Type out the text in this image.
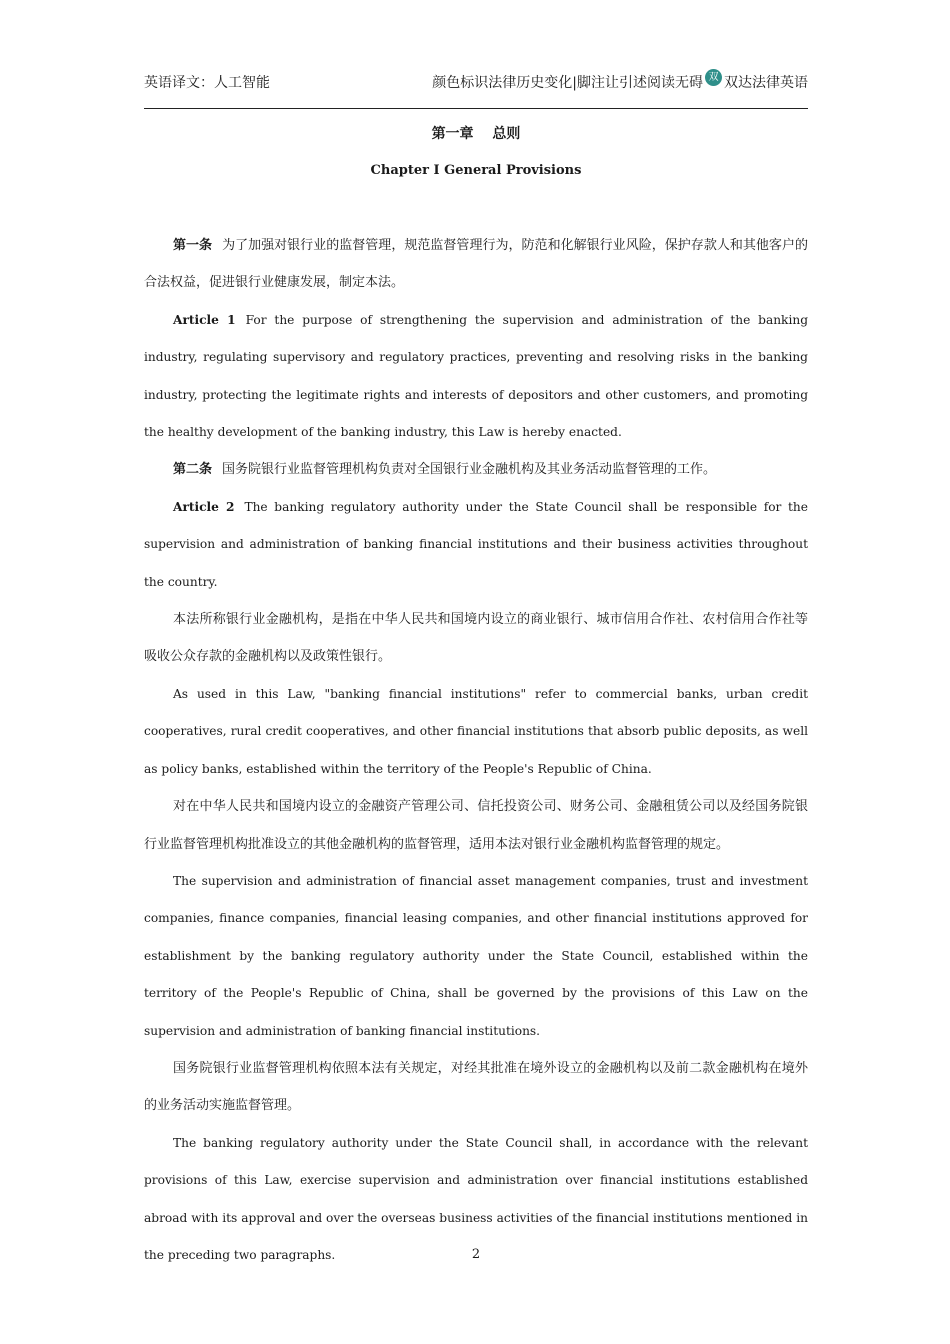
英语译文：人工智能	颜色标识法律历史变化 | 脚注让引述阅读无碍 双 双达法律英语
第一章　 总则
Chapter I General Provisions

第一条 为了加强对银行业的监督管理，规范监督管理行为，防范和化解银行业风险，保护存款人和其他客户的合法权益，促进银行业健康发展，制定本法。

Article 1 For the purpose of strengthening the supervision and administration of the banking industry, regulating supervisory and regulatory practices, preventing and resolving risks in the banking industry, protecting the legitimate rights and interests of depositors and other customers, and promoting the healthy development of the banking industry, this Law is hereby enacted.

第二条 国务院银行业监督管理机构负责对全国银行业金融机构及其业务活动监督管理的工作。

Article 2 The banking regulatory authority under the State Council shall be responsible for the supervision and administration of banking financial institutions and their business activities throughout the country.

本法所称银行业金融机构，是指在中华人民共和国境内设立的商业银行、城市信用合作社、农村信用合作社等吸收公众存款的金融机构以及政策性银行。

As used in this Law, "banking financial institutions" refer to commercial banks, urban credit cooperatives, rural credit cooperatives, and other financial institutions that absorb public deposits, as well as policy banks, established within the territory of the People's Republic of China.

对在中华人民共和国境内设立的金融资产管理公司、信托投资公司、财务公司、金融租赁公司以及经国务院银行业监督管理机构批准设立的其他金融机构的监督管理，适用本法对银行业金融机构监督管理的规定。

The supervision and administration of financial asset management companies, trust and investment companies, finance companies, financial leasing companies, and other financial institutions approved for establishment by the banking regulatory authority under the State Council, established within the territory of the People's Republic of China, shall be governed by the provisions of this Law on the supervision and administration of banking financial institutions.

国务院银行业监督管理机构依照本法有关规定，对经其批准在境外设立的金融机构以及前二款金融机构在境外的业务活动实施监督管理。

The banking regulatory authority under the State Council shall, in accordance with the relevant provisions of this Law, exercise supervision and administration over financial institutions established abroad with its approval and over the overseas business activities of the financial institutions mentioned in the preceding two paragraphs.	2
